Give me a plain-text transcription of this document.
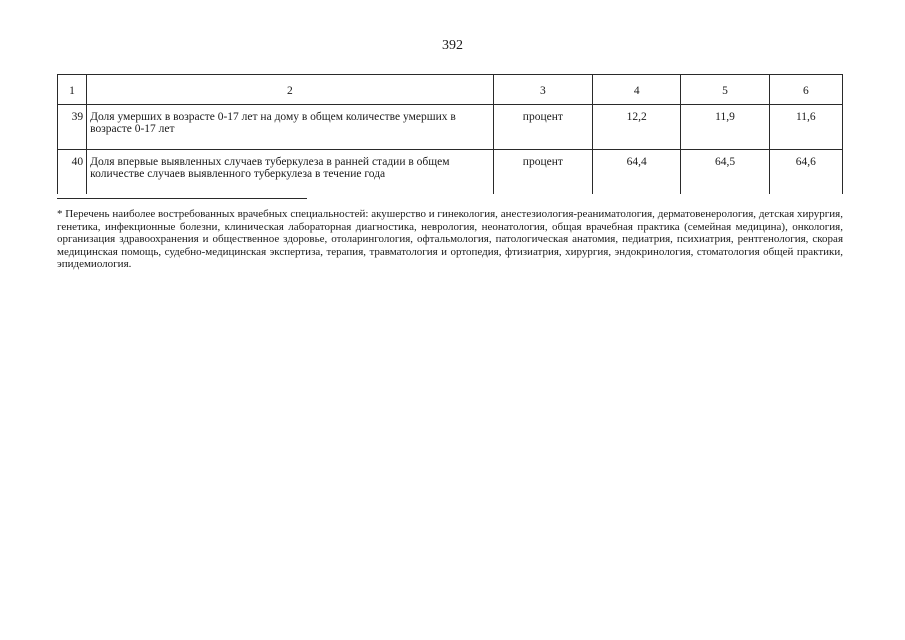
392
1	2	3	4	5	6
39	Доля умерших в возрасте 0-17 лет на дому в общем количестве умерших в возрасте 0-17 лет	процент	12,2	11,9	11,6
40	Доля впервые выявленных случаев туберкулеза в ранней стадии в общем количестве случаев выявленного туберкулеза в течение года	процент	64,4	64,5	64,6
* Перечень наиболее востребованных врачебных специальностей: акушерство и гинекология, анестезиология-реаниматология, дерматовенерология, детская хирургия, генетика, инфекционные болезни, клиническая лабораторная диагностика, неврология, неонатология, общая врачебная практика (семейная медицина), онкология, организация здравоохранения и общественное здоровье, отоларингология, офтальмология, патологическая анатомия, педиатрия, психиатрия, рентгенология, скорая медицинская помощь, судебно-медицинская экспертиза, терапия, травматология и ортопедия, фтизиатрия, хирургия, эндокринология, стоматология общей практики, эпидемиология.
